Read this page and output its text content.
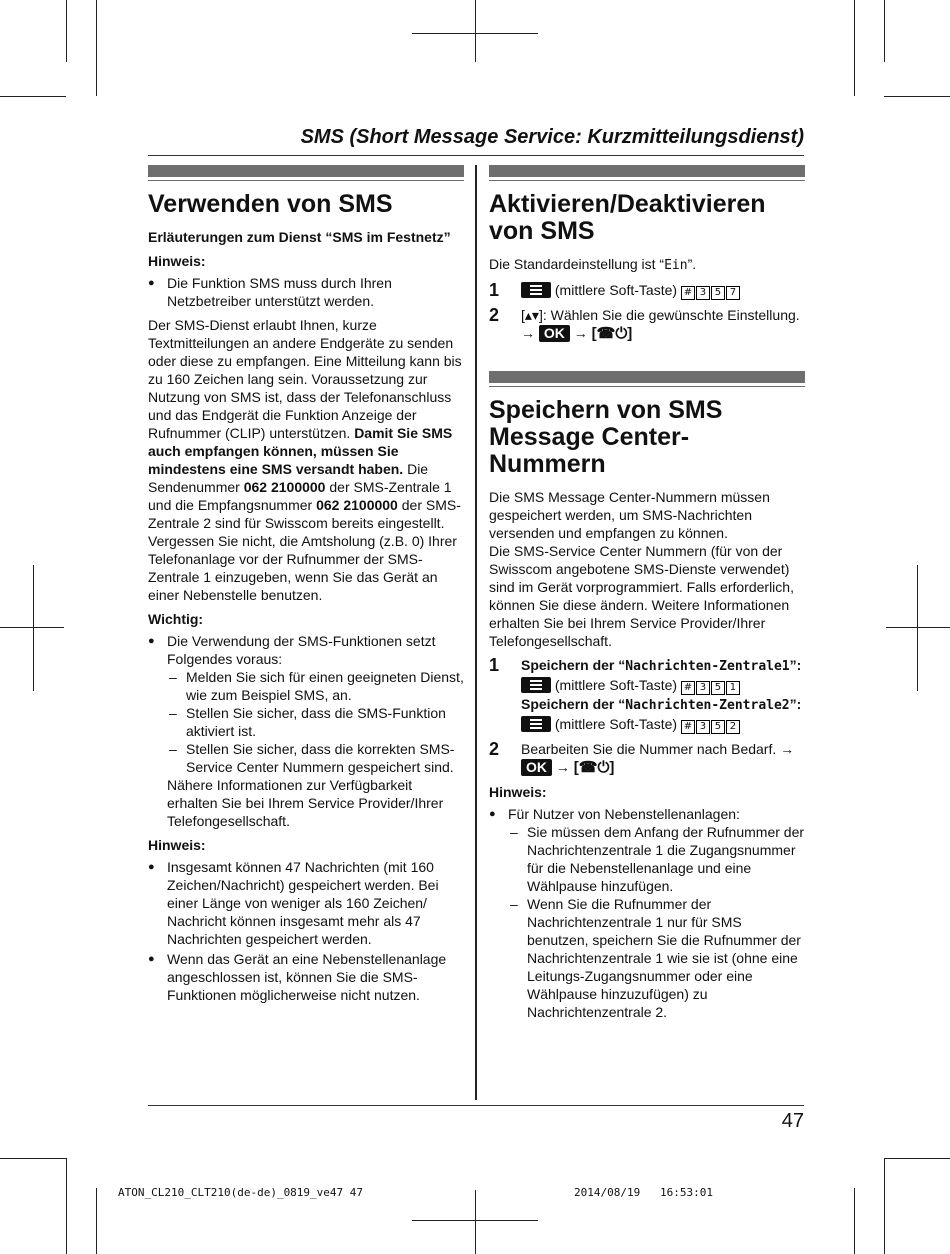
SMS (Short Message Service: Kurzmitteilungsdienst)
Verwenden von SMS

Erläuterungen zum Dienst “SMS im Festnetz”

Hinweis:
● Die Funktion SMS muss durch Ihren Netzbetreiber unterstützt werden.

Der SMS-Dienst erlaubt Ihnen, kurze Textmitteilungen an andere Endgeräte zu senden oder diese zu empfangen. Eine Mitteilung kann bis zu 160 Zeichen lang sein. Voraussetzung zur Nutzung von SMS ist, dass der Telefonanschluss und das Endgerät die Funktion Anzeige der Rufnummer (CLIP) unterstützen. Damit Sie SMS auch empfangen können, müssen Sie mindestens eine SMS versandt haben. Die Sendenummer 062 2100000 der SMS-Zentrale 1 und die Empfangsnummer 062 2100000 der SMS-Zentrale 2 sind für Swisscom bereits eingestellt. Vergessen Sie nicht, die Amtsholung (z.B. 0) Ihrer Telefonanlage vor der Rufnummer der SMS-Zentrale 1 einzugeben, wenn Sie das Gerät an einer Nebenstelle benutzen.

Wichtig:
● Die Verwendung der SMS-Funktionen setzt Folgendes voraus:
– Melden Sie sich für einen geeigneten Dienst, wie zum Beispiel SMS, an.
– Stellen Sie sicher, dass die SMS-Funktion aktiviert ist.
– Stellen Sie sicher, dass die korrekten SMS-Service Center Nummern gespeichert sind.
Nähere Informationen zur Verfügbarkeit erhalten Sie bei Ihrem Service Provider/Ihrer Telefongesellschaft.
Hinweis:
● Insgesamt können 47 Nachrichten (mit 160 Zeichen/Nachricht) gespeichert werden. Bei einer Länge von weniger als 160 Zeichen/ Nachricht können insgesamt mehr als 47 Nachrichten gespeichert werden.
● Wenn das Gerät an eine Nebenstellenanlage angeschlossen ist, können Sie die SMS-Funktionen möglicherweise nicht nutzen.
Aktivieren/Deaktivieren von SMS

Die Standardeinstellung ist “Ein”.

1	(mittlere Soft-Taste) # 3 5 7
2 [▴▾]: Wählen Sie die gewünschte Einstellung.
→ OK → [☎⏻]
Speichern von SMS Message Center-Nummern

Die SMS Message Center-Nummern müssen gespeichert werden, um SMS-Nachrichten versenden und empfangen zu können.
Die SMS-Service Center Nummern (für von der Swisscom angebotene SMS-Dienste verwendet) sind im Gerät vorprogrammiert. Falls erforderlich, können Sie diese ändern. Weitere Informationen erhalten Sie bei Ihrem Service Provider/Ihrer Telefongesellschaft.

1 Speichern der “Nachrichten-Zentrale1”:
(mittlere Soft-Taste) # 3 5 1
Speichern der “Nachrichten-Zentrale2”:
(mittlere Soft-Taste) # 3 5 2
2 Bearbeiten Sie die Nummer nach Bedarf. →
OK → [☎⏻]
Hinweis:
● Für Nutzer von Nebenstellenanlagen:
– Sie müssen dem Anfang der Rufnummer der Nachrichtenzentrale 1 die Zugangsnummer für die Nebenstellenanlage und eine Wählpause hinzufügen.
– Wenn Sie die Rufnummer der Nachrichtenzentrale 1 nur für SMS benutzen, speichern Sie die Rufnummer der Nachrichtenzentrale 1 wie sie ist (ohne eine Leitungs-Zugangsnummer oder eine Wählpause hinzuzufügen) zu Nachrichtenzentrale 2.
47
ATON_CL210_CLT210(de-de)_0819_ve47 47	2014/08/19 16:53:01
